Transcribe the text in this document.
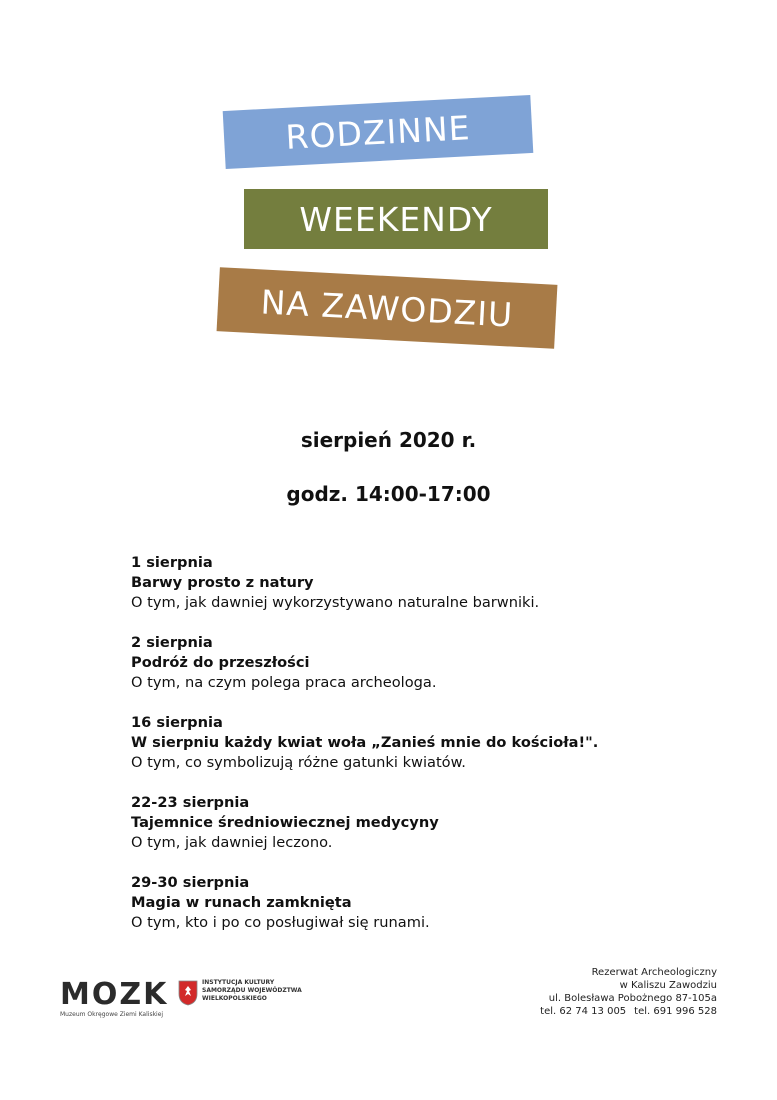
RODZINNE
WEEKENDY
NA ZAWODZIU
sierpień 2020 r.
godz. 14:00-17:00
1 sierpnia
Barwy prosto z natury
O tym, jak dawniej wykorzystywano naturalne barwniki.
2 sierpnia
Podróż do przeszłości
O tym, na czym polega praca archeologa.
16 sierpnia
W sierpniu każdy kwiat woła „Zanieś mnie do kościoła!".
O tym, co symbolizują różne gatunki kwiatów.
22-23 sierpnia
Tajemnice średniowiecznej medycyny
O tym, jak dawniej leczono.
29-30 sierpnia
Magia w runach zamknięta
O tym, kto i po co posługiwał się runami.
MOZK
Muzeum Okręgowe Ziemi Kaliskiej
INSTYTUCJA KULTURY
SAMORZĄDU WOJEWÓDZTWA
WIELKOPOLSKIEGO
Rezerwat Archeologiczny
w Kaliszu Zawodziu
ul. Bolesława Pobożnego 87-105a
tel. 62 74 13 005 tel. 691 996 528
